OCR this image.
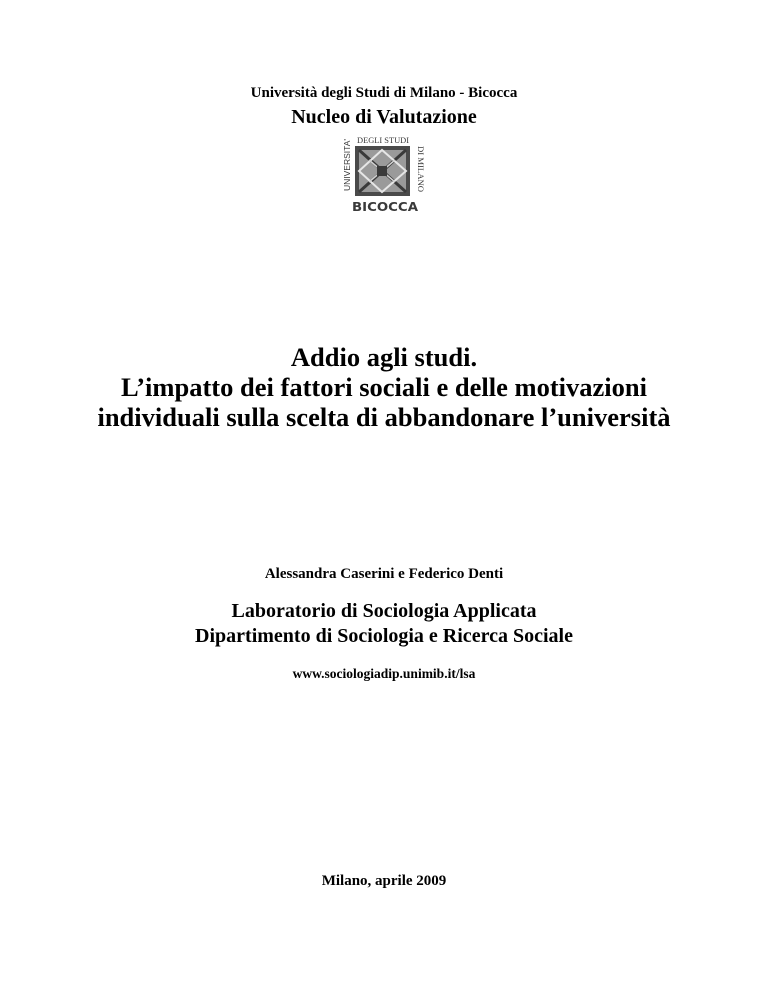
Università degli Studi di Milano - Bicocca
Nucleo di Valutazione
UNIVERSITA'
DEGLI STUDI
DI MILANO
BICOCCA
Addio agli studi.
L’impatto dei fattori sociali e delle motivazioni
individuali sulla scelta di abbandonare l’università
Alessandra Caserini e Federico Denti
Laboratorio di Sociologia Applicata
Dipartimento di Sociologia e Ricerca Sociale
www.sociologiadip.unimib.it/lsa
Milano, aprile 2009
